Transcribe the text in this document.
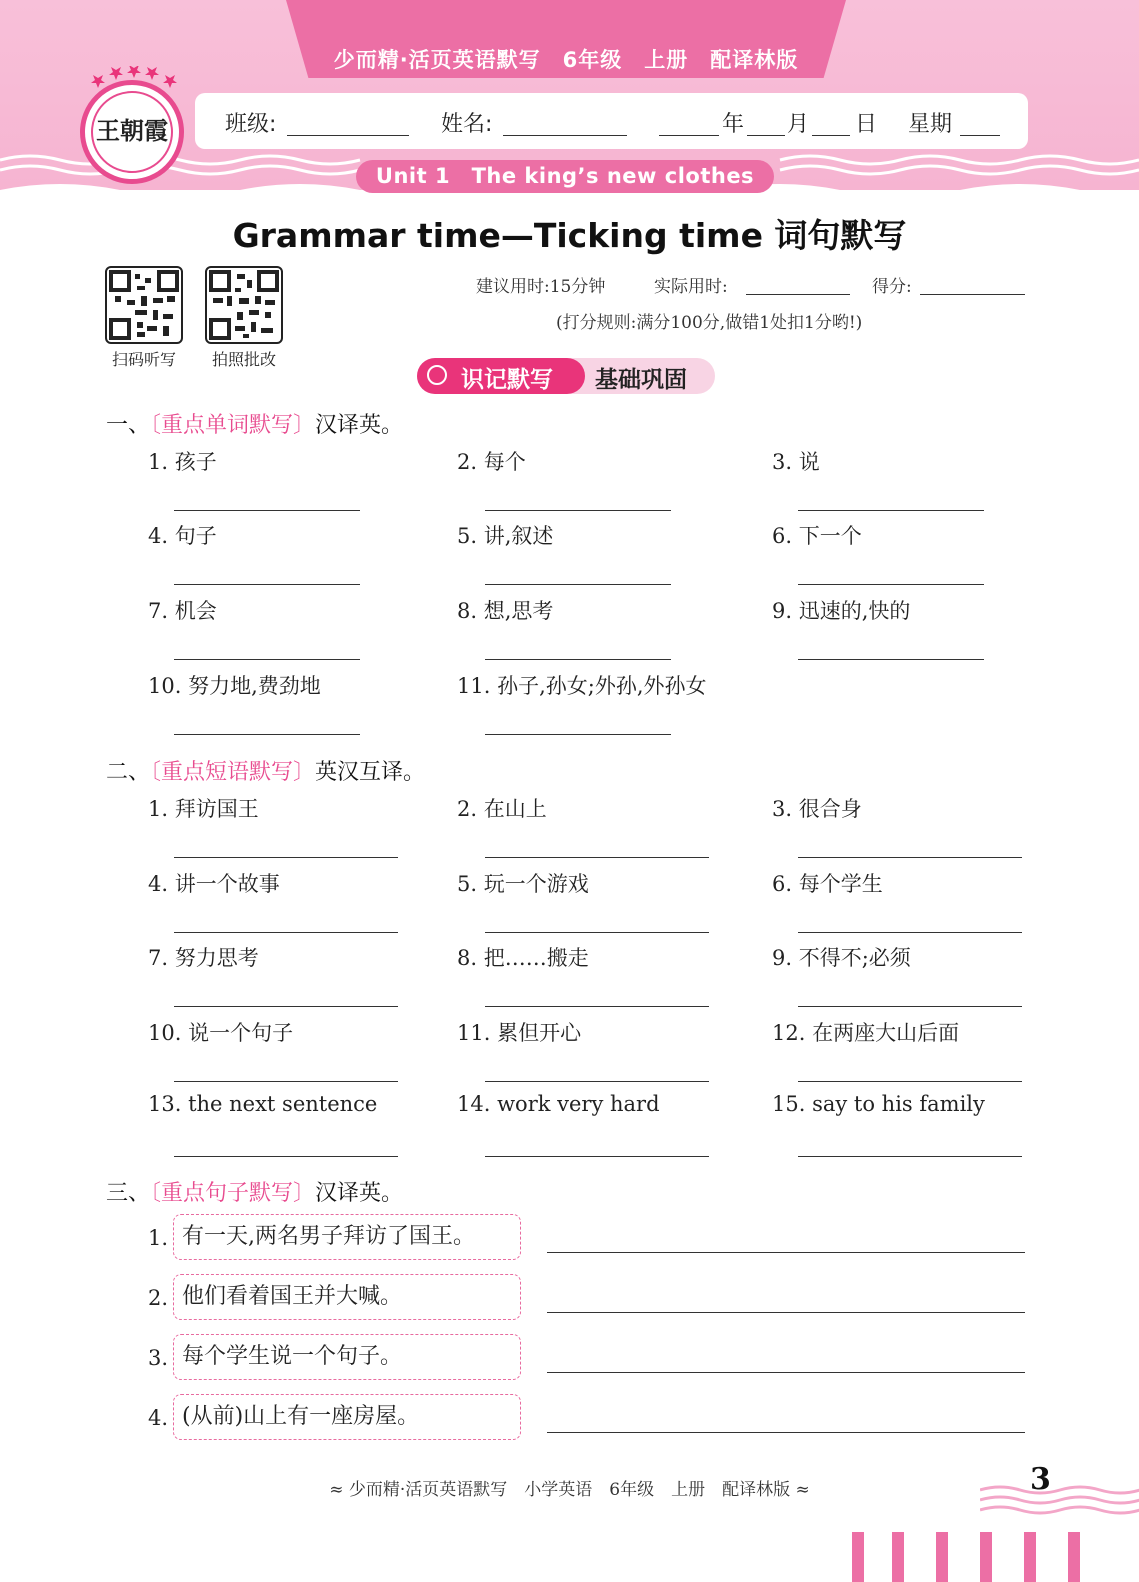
少而精·活页英语默写　6年级　上册　配译林版
王朝霞	班级:	姓名:	年 月 日 星期
Unit 1　The king’s new clothes
Grammar time—Ticking time 词句默写
扫码听写	拍照批改
建议用时:15分钟	实际用时:	得分:
(打分规则:满分100分,做错1处扣1分哟!)
识记默写 基础巩固
一、〔重点单词默写〕汉译英。
1. 孩子	2. 每个	3. 说
4. 句子	5. 讲,叙述	6. 下一个
7. 机会	8. 想,思考	9. 迅速的,快的
10. 努力地,费劲地	11. 孙子,孙女;外孙,外孙女
二、〔重点短语默写〕英汉互译。
1. 拜访国王	2. 在山上	3. 很合身
4. 讲一个故事	5. 玩一个游戏	6. 每个学生
7. 努力思考	8. 把……搬走	9. 不得不;必须
10. 说一个句子	11. 累但开心	12. 在两座大山后面
13. the next sentence	14. work very hard	15. say to his family
三、〔重点句子默写〕汉译英。
1. 有一天,两名男子拜访了国王。
2. 他们看着国王并大喊。
3. 每个学生说一个句子。
4. (从前)山上有一座房屋。
≈ 少而精·活页英语默写　小学英语　6年级　上册　配译林版 ≈	3
